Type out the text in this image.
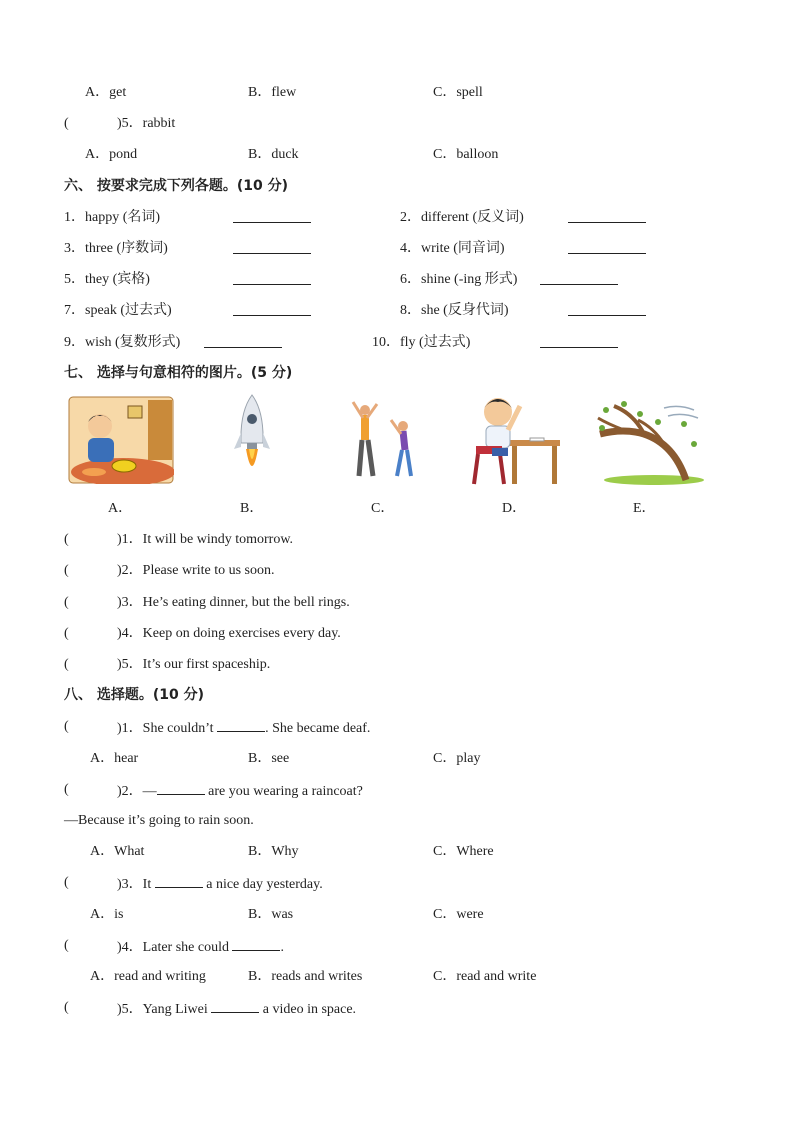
A．get	B．flew	C．spell
(	)5．rabbit
A．pond	B．duck	C．balloon
六、 按要求完成下列各题。(10 分)
1．happy (名词)	2．different (反义词)
3．three (序数词)	4．write (同音词)
5．they (宾格)	6．shine (-ing 形式)
7．speak (过去式)	8．she (反身代词)
9．wish (复数形式)	10．fly (过去式)
七、 选择与句意相符的图片。(5 分)
A．	B．	C．	D．	E．
(	)1．It will be windy tomorrow.
(	)2．Please write to us soon.
(	)3．He’s eating dinner, but the bell rings.
(	)4．Keep on doing exercises every day.
(	)5．It’s our first spaceship.
八、 选择题。(10 分)
(	)1．She couldn’t	. She became deaf.
A．hear	B．see	C．play
(	)2．—	are you wearing a raincoat?
—Because it’s going to rain soon.
A．What	B．Why	C．Where
(	)3．It	a nice day yesterday.
A．is	B．was	C．were
(	)4．Later she could	.
A．read and writing	B．reads and writes	C．read and write
(	)5．Yang Liwei	a video in space.
